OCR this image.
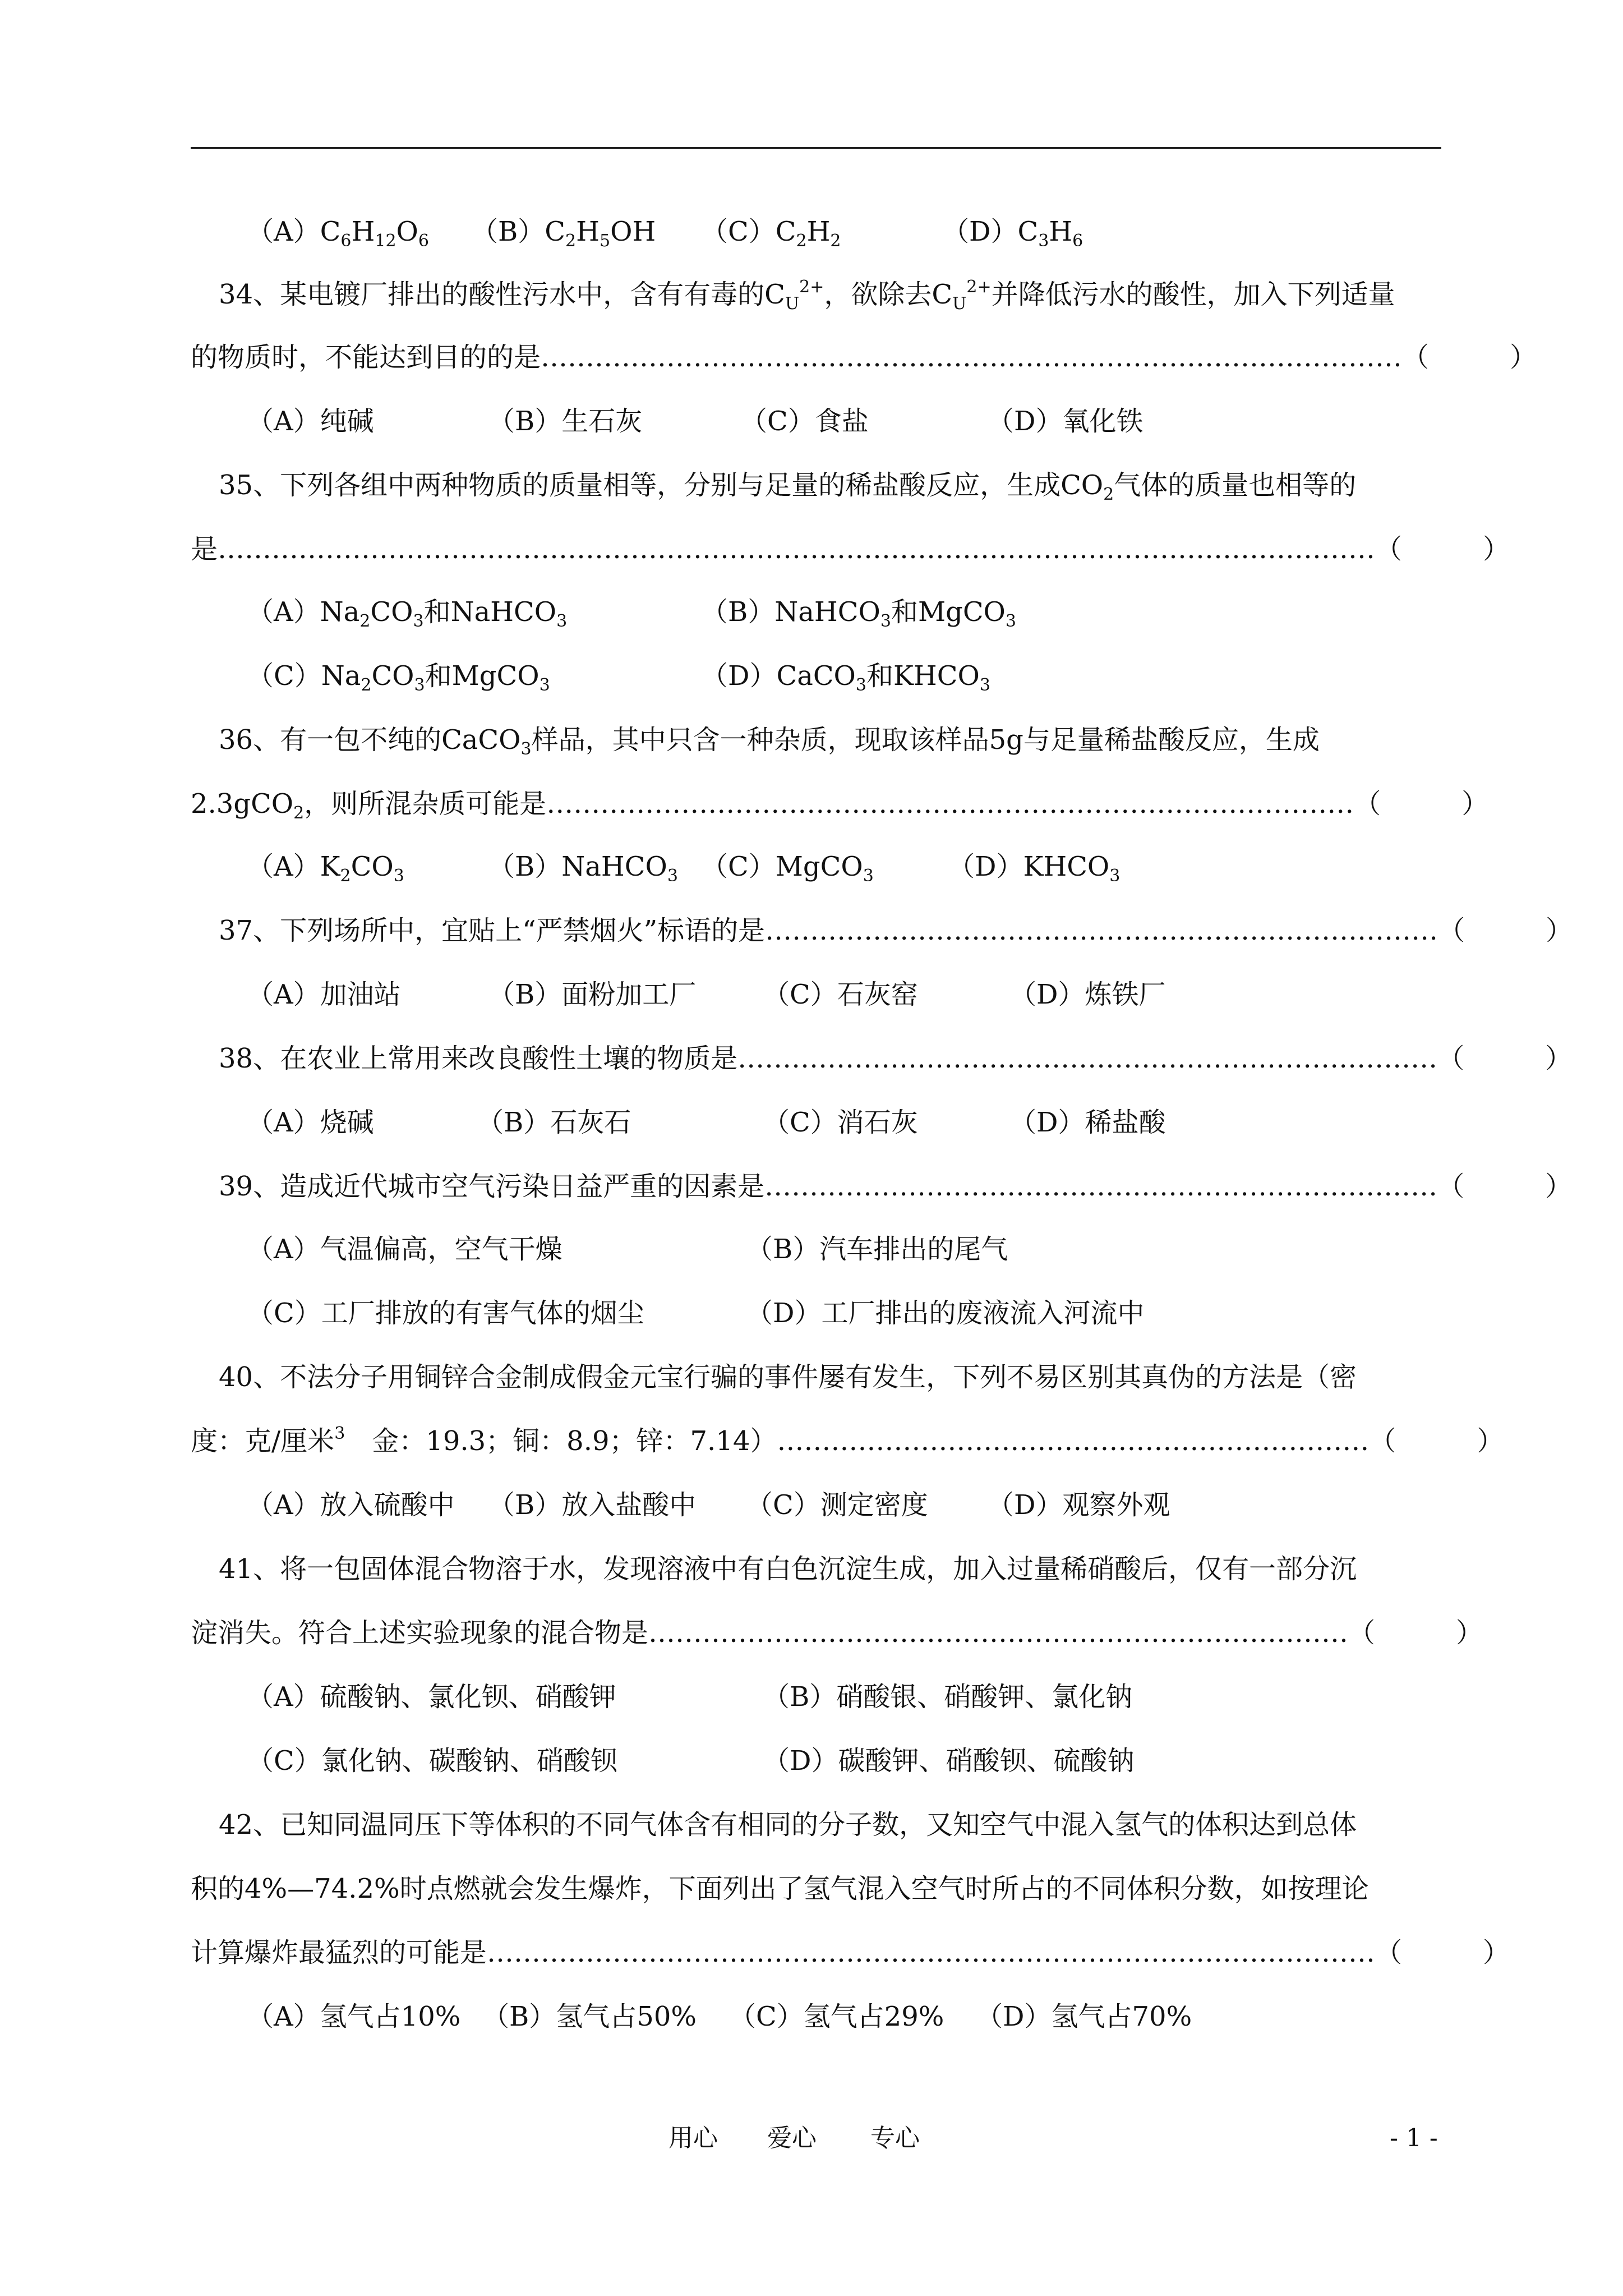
$(A)C_6H_{12}O_6$

$(B)C_2H_5OH$

$(C)C_2H_2$

	$(D)C_3H_6$

34、某电镀厂排出的酸性污水中，含有有毒的$C_U^{2+}$，欲除去$C_U^{2+}$并降低污水的酸性，加入下列适量
的物质时，不能达到目的的是……………………………………………………………………………………（　　　）

（A）纯碱

	（B）生石灰

	（C）食盐

	（D）氧化铁

35、下列各组中两种物质的质量相等，分别与足量的稀盐酸反应，生成$CO_2$气体的质量也相等的
是…………………………………………………………………………………………………………………（　　　）

$(A)Na_2CO_3$和NaHCO$_3$

	（B）NaHCO$_3$和MgCO$_3$

$(C)Na_2CO_3$和MgCO$_3$

	（D）CaCO$_3$和$KHCO_3$

36、有一包不纯的CaCO$_3$样品，其中只含一种杂质，现取该样品5g与足量稀盐酸反应，生成
2.3gCO$_2$，则所混杂质可能是………………………………………………………………………………（　　　）

$(A)K_2CO_3$

	（B）NaHCO$_3$

（C）MgCO$_3$

	$(D)KHCO_3$

37、下列场所中，宜贴上“严禁烟火”标语的是…………………………………………………………………（　　　）

（A）加油站

	（B）面粉加工厂

（C）石灰窑

	（D）炼铁厂

38、在农业上常用来改良酸性土壤的物质是……………………………………………………………………（　　　）

（A）烧碱

	（B）石灰石

	（C）消石灰

	（D）稀盐酸

39、造成近代城市空气污染日益严重的因素是…………………………………………………………………（　　　）

（A）气温偏高，空气干燥

	（B）汽车排出的尾气

（C）工厂排放的有害气体的烟尘

	（D）工厂排出的废液流入河流中

40、不法分子用铜锌合金制成假金元宝行骗的事件屡有发生，下列不易区别其真伪的方法是（密
度：克/厘米$^3$　金：19.3；铜：8.9；锌：7.14）…………………………………………………………（　　　）

（A）放入硫酸中

（B）放入盐酸中

（C）测定密度

（D）观察外观

41、将一包固体混合物溶于水，发现溶液中有白色沉淀生成，加入过量稀硝酸后，仅有一部分沉
淀消失。符合上述实验现象的混合物是……………………………………………………………………（　　　）

（A）硫酸钠、氯化钡、硝酸钾

	（B）硝酸银、硝酸钾、氯化钠

（C）氯化钠、碳酸钠、硝酸钡

	（D）碳酸钾、硝酸钡、硫酸钠

42、已知同温同压下等体积的不同气体含有相同的分子数，又知空气中混入氢气的体积达到总体
积的4%—74.2%时点燃就会发生爆炸，下面列出了氢气混入空气时所占的不同体积分数，如按理论
计算爆炸最猛烈的可能是………………………………………………………………………………………（　　　）

（A）氢气占10%

（B）氢气占50%

（C）氢气占29%

（D）氢气占70%

用心 爱心 专心	- 1 -
